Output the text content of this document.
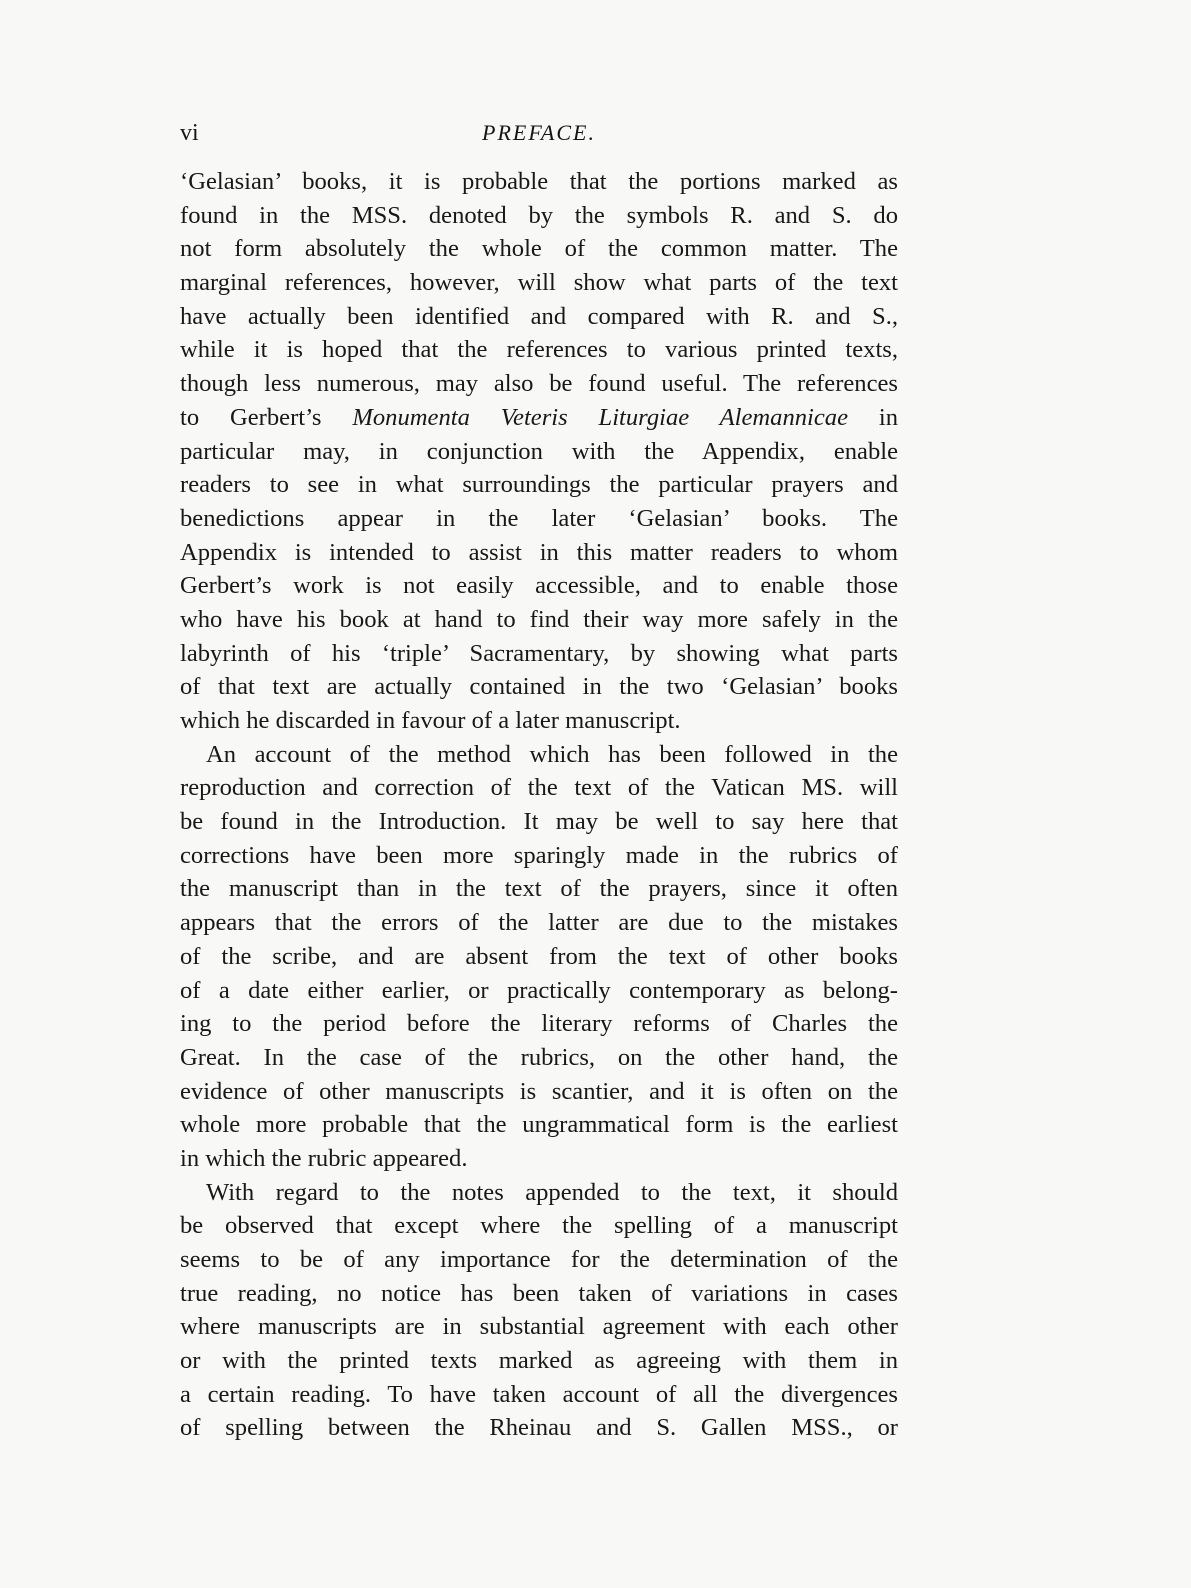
vi	PREFACE.

‘Gelasian’ books, it is probable that the portions marked as
found in the MSS. denoted by the symbols R. and S. do
not form absolutely the whole of the common matter. The
marginal references, however, will show what parts of the text
have actually been identified and compared with R. and S.,
while it is hoped that the references to various printed texts,
though less numerous, may also be found useful. The references
to Gerbert’s Monumenta Veteris Liturgiae Alemannicae in
particular may, in conjunction with the Appendix, enable
readers to see in what surroundings the particular prayers and
benedictions appear in the later ‘Gelasian’ books. The
Appendix is intended to assist in this matter readers to whom
Gerbert’s work is not easily accessible, and to enable those
who have his book at hand to find their way more safely in the
labyrinth of his ‘triple’ Sacramentary, by showing what parts
of that text are actually contained in the two ‘Gelasian’ books
which he discarded in favour of a later manuscript.

An account of the method which has been followed in the
reproduction and correction of the text of the Vatican MS. will
be found in the Introduction. It may be well to say here that
corrections have been more sparingly made in the rubrics of
the manuscript than in the text of the prayers, since it often
appears that the errors of the latter are due to the mistakes
of the scribe, and are absent from the text of other books
of a date either earlier, or practically contemporary as belong-
ing to the period before the literary reforms of Charles the
Great. In the case of the rubrics, on the other hand, the
evidence of other manuscripts is scantier, and it is often on the
whole more probable that the ungrammatical form is the earliest
in which the rubric appeared.

With regard to the notes appended to the text, it should
be observed that except where the spelling of a manuscript
seems to be of any importance for the determination of the
true reading, no notice has been taken of variations in cases
where manuscripts are in substantial agreement with each other
or with the printed texts marked as agreeing with them in
a certain reading. To have taken account of all the divergences
of spelling between the Rheinau and S. Gallen MSS., or
